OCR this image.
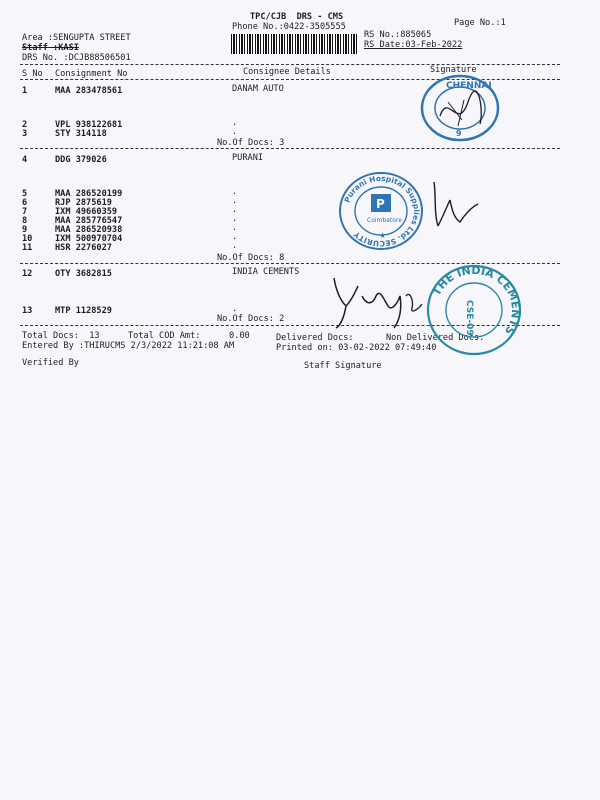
TPC/CJB  DRS - CMS
Phone No.:0422-3505555	Page No.:1
Area :SENGUPTA STREET
Staff :KASI
DRS No. :DCJB88506501
RS No.:885065
RS Date:03-Feb-2022
S No Consignment No	Consignee Details	Signature
1	MAA 283478561	DANAM AUTO
2	VPL 938122681	.
3	STY 314118	.
No.Of Docs: 3
4	DDG 379026	PURANI
5	MAA 286520199	.
6	RJP 2875619	.
7	IXM 49660359	.
8	MAA 285776547	.
9	MAA 286520938	.
10	IXM 500970704	.
11	HSR 2276027	.
No.Of Docs: 8
12	OTY 3682815	INDIA CEMENTS
13	MTP 1128529	.
No.Of Docs: 2
Total Docs:  13	Total COD Amt:	0.00	Delivered Docs:	Non Delivered Docs:
Entered By :THIRUCMS 2/3/2022 11:21:08 AM	Printed on: 03-02-2022 07:49:40
Verified By	Staff Signature
CHENNAI
9
Purani Hospital Supplies Ltd. SECURITY
P
Coimbatore
★
THE INDIA CEMENTS
CSE-09
